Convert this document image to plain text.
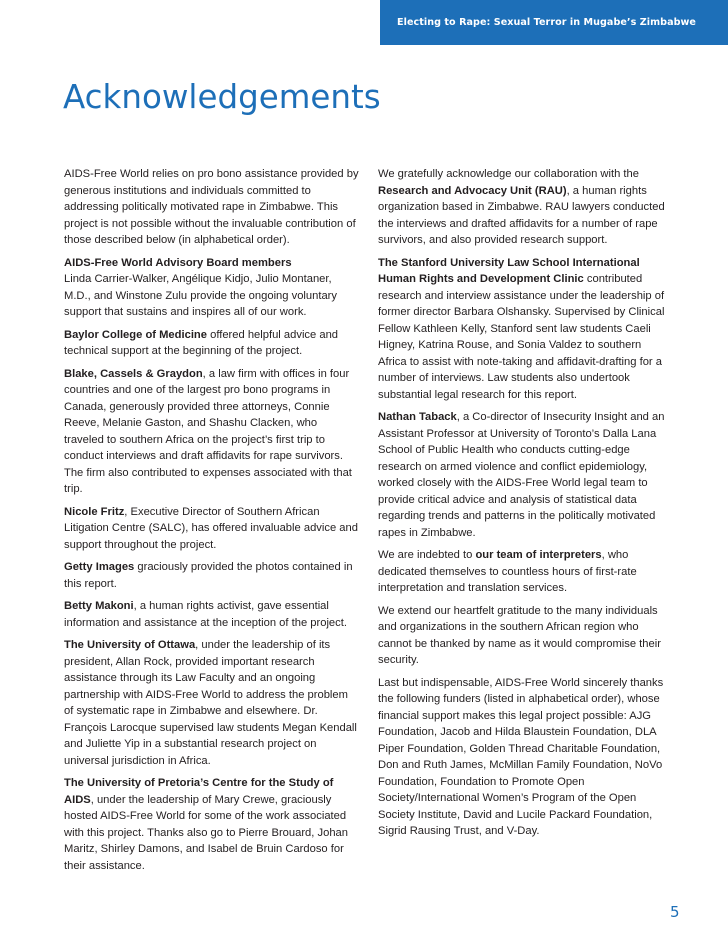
Electing to Rape: Sexual Terror in Mugabe’s Zimbabwe
Acknowledgements

AIDS-Free World relies on pro bono assistance provided by generous institutions and individuals committed to addressing politically motivated rape in Zimbabwe. This project is not possible without the invaluable contribution of those described below (in alphabetical order).

AIDS-Free World Advisory Board members
Linda Carrier-Walker, Angélique Kidjo, Julio Montaner, M.D., and Winstone Zulu provide the ongoing voluntary support that sustains and inspires all of our work.

Baylor College of Medicine offered helpful advice and technical support at the beginning of the project.

Blake, Cassels & Graydon, a law firm with offices in four countries and one of the largest pro bono programs in Canada, generously provided three attorneys, Connie Reeve, Melanie Gaston, and Shashu Clacken, who traveled to southern Africa on the project’s first trip to conduct interviews and draft affidavits for rape survivors. The firm also contributed to expenses associated with that trip.

Nicole Fritz, Executive Director of Southern African Litigation Centre (SALC), has offered invaluable advice and support throughout the project.

Getty Images graciously provided the photos contained in this report.

Betty Makoni, a human rights activist, gave essential information and assistance at the inception of the project.

The University of Ottawa, under the leadership of its president, Allan Rock, provided important research assistance through its Law Faculty and an ongoing partnership with AIDS-Free World to address the problem of systematic rape in Zimbabwe and elsewhere. Dr. François Larocque supervised law students Megan Kendall and Juliette Yip in a substantial research project on universal jurisdiction in Africa.

The University of Pretoria’s Centre for the Study of AIDS, under the leadership of Mary Crewe, graciously hosted AIDS-Free World for some of the work associated with this project. Thanks also go to Pierre Brouard, Johan Maritz, Shirley Damons, and Isabel de Bruin Cardoso for their assistance.

We gratefully acknowledge our collaboration with the Research and Advocacy Unit (RAU), a human rights organization based in Zimbabwe. RAU lawyers conducted the interviews and drafted affidavits for a number of rape survivors, and also provided research support.

The Stanford University Law School International Human Rights and Development Clinic contributed research and interview assistance under the leadership of former director Barbara Olshansky. Supervised by Clinical Fellow Kathleen Kelly, Stanford sent law students Caeli Higney, Katrina Rouse, and Sonia Valdez to southern Africa to assist with note-taking and affidavit-drafting for a number of interviews. Law students also undertook substantial legal research for this report.

Nathan Taback, a Co-director of Insecurity Insight and an Assistant Professor at University of Toronto’s Dalla Lana School of Public Health who conducts cutting-edge research on armed violence and conflict epidemiology, worked closely with the AIDS-Free World legal team to provide critical advice and analysis of statistical data regarding trends and patterns in the politically motivated rapes in Zimbabwe.

We are indebted to our team of interpreters, who dedicated themselves to countless hours of first-rate interpretation and translation services.

We extend our heartfelt gratitude to the many individuals and organizations in the southern African region who cannot be thanked by name as it would compromise their security.

Last but indispensable, AIDS-Free World sincerely thanks the following funders (listed in alphabetical order), whose financial support makes this legal project possible: AJG Foundation, Jacob and Hilda Blaustein Foundation, DLA Piper Foundation, Golden Thread Charitable Foundation, Don and Ruth James, McMillan Family Foundation, NoVo Foundation, Foundation to Promote Open Society/International Women’s Program of the Open Society Institute, David and Lucile Packard Foundation, Sigrid Rausing Trust, and V-Day.

5
